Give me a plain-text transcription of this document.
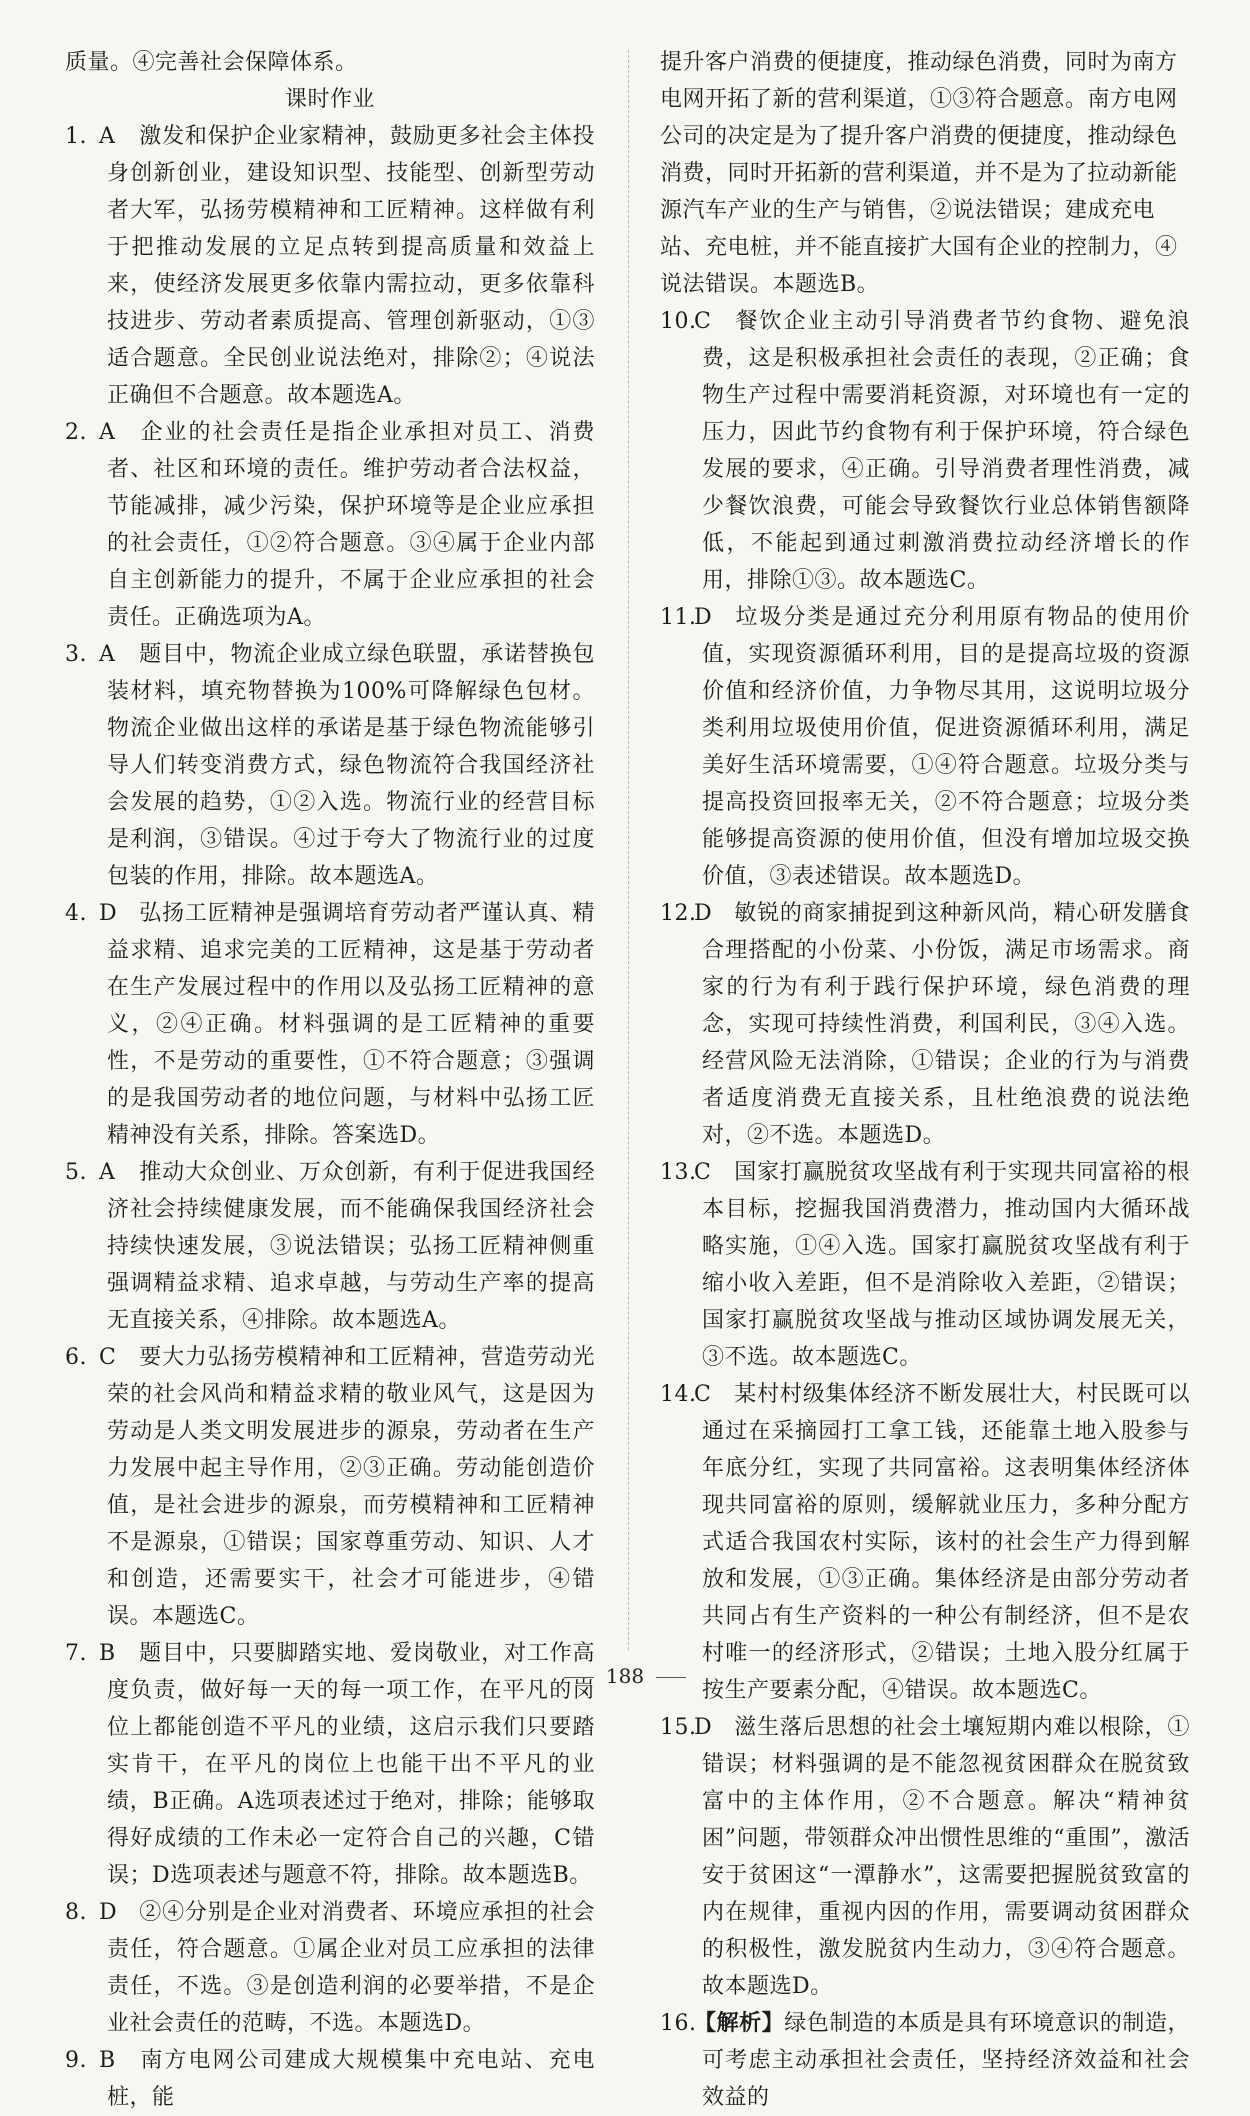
质量。④完善社会保障体系。

课时作业

1. A 激发和保护企业家精神，鼓励更多社会主体投身创新创业，建设知识型、技能型、创新型劳动者大军，弘扬劳模精神和工匠精神。这样做有利于把推动发展的立足点转到提高质量和效益上来，使经济发展更多依靠内需拉动，更多依靠科技进步、劳动者素质提高、管理创新驱动，①③适合题意。全民创业说法绝对，排除②；④说法正确但不合题意。故本题选A。

2. A 企业的社会责任是指企业承担对员工、消费者、社区和环境的责任。维护劳动者合法权益，节能减排，减少污染，保护环境等是企业应承担的社会责任，①②符合题意。③④属于企业内部自主创新能力的提升，不属于企业应承担的社会责任。正确选项为A。

3. A 题目中，物流企业成立绿色联盟，承诺替换包装材料，填充物替换为100%可降解绿色包材。物流企业做出这样的承诺是基于绿色物流能够引导人们转变消费方式，绿色物流符合我国经济社会发展的趋势，①②入选。物流行业的经营目标是利润，③错误。④过于夸大了物流行业的过度包装的作用，排除。故本题选A。

4. D 弘扬工匠精神是强调培育劳动者严谨认真、精益求精、追求完美的工匠精神，这是基于劳动者在生产发展过程中的作用以及弘扬工匠精神的意义，②④正确。材料强调的是工匠精神的重要性，不是劳动的重要性，①不符合题意；③强调的是我国劳动者的地位问题，与材料中弘扬工匠精神没有关系，排除。答案选D。

5. A 推动大众创业、万众创新，有利于促进我国经济社会持续健康发展，而不能确保我国经济社会持续快速发展，③说法错误；弘扬工匠精神侧重强调精益求精、追求卓越，与劳动生产率的提高无直接关系，④排除。故本题选A。

6. C 要大力弘扬劳模精神和工匠精神，营造劳动光荣的社会风尚和精益求精的敬业风气，这是因为劳动是人类文明发展进步的源泉，劳动者在生产力发展中起主导作用，②③正确。劳动能创造价值，是社会进步的源泉，而劳模精神和工匠精神不是源泉，①错误；国家尊重劳动、知识、人才和创造，还需要实干，社会才可能进步，④错误。本题选C。

7. B 题目中，只要脚踏实地、爱岗敬业，对工作高度负责，做好每一天的每一项工作，在平凡的岗位上都能创造不平凡的业绩，这启示我们只要踏实肯干，在平凡的岗位上也能干出不平凡的业绩，B正确。A选项表述过于绝对，排除；能够取得好成绩的工作未必一定符合自己的兴趣，C错误；D选项表述与题意不符，排除。故本题选B。

8. D ②④分别是企业对消费者、环境应承担的社会责任，符合题意。①属企业对员工应承担的法律责任，不选。③是创造利润的必要举措，不是企业社会责任的范畴，不选。本题选D。

9. B 南方电网公司建成大规模集中充电站、充电桩，能

提升客户消费的便捷度，推动绿色消费，同时为南方电网开拓了新的营利渠道，①③符合题意。南方电网公司的决定是为了提升客户消费的便捷度，推动绿色消费，同时开拓新的营利渠道，并不是为了拉动新能源汽车产业的生产与销售，②说法错误；建成充电站、充电桩，并不能直接扩大国有企业的控制力，④说法错误。本题选B。

10.C 餐饮企业主动引导消费者节约食物、避免浪费，这是积极承担社会责任的表现，②正确；食物生产过程中需要消耗资源，对环境也有一定的压力，因此节约食物有利于保护环境，符合绿色发展的要求，④正确。引导消费者理性消费，减少餐饮浪费，可能会导致餐饮行业总体销售额降低，不能起到通过刺激消费拉动经济增长的作用，排除①③。故本题选C。

11.D 垃圾分类是通过充分利用原有物品的使用价值，实现资源循环利用，目的是提高垃圾的资源价值和经济价值，力争物尽其用，这说明垃圾分类利用垃圾使用价值，促进资源循环利用，满足美好生活环境需要，①④符合题意。垃圾分类与提高投资回报率无关，②不符合题意；垃圾分类能够提高资源的使用价值，但没有增加垃圾交换价值，③表述错误。故本题选D。

12.D 敏锐的商家捕捉到这种新风尚，精心研发膳食合理搭配的小份菜、小份饭，满足市场需求。商家的行为有利于践行保护环境，绿色消费的理念，实现可持续性消费，利国利民，③④入选。经营风险无法消除，①错误；企业的行为与消费者适度消费无直接关系，且杜绝浪费的说法绝对，②不选。本题选D。

13.C 国家打赢脱贫攻坚战有利于实现共同富裕的根本目标，挖掘我国消费潜力，推动国内大循环战略实施，①④入选。国家打赢脱贫攻坚战有利于缩小收入差距，但不是消除收入差距，②错误；国家打赢脱贫攻坚战与推动区域协调发展无关，③不选。故本题选C。

14.C 某村村级集体经济不断发展壮大，村民既可以通过在采摘园打工拿工钱，还能靠土地入股参与年底分红，实现了共同富裕。这表明集体经济体现共同富裕的原则，缓解就业压力，多种分配方式适合我国农村实际，该村的社会生产力得到解放和发展，①③正确。集体经济是由部分劳动者共同占有生产资料的一种公有制经济，但不是农村唯一的经济形式，②错误；土地入股分红属于按生产要素分配，④错误。故本题选C。

15.D 滋生落后思想的社会土壤短期内难以根除，①错误；材料强调的是不能忽视贫困群众在脱贫致富中的主体作用，②不合题意。解决“精神贫困”问题，带领群众冲出惯性思维的“重围”，激活安于贫困这“一潭静水”，这需要把握脱贫致富的内在规律，重视内因的作用，需要调动贫困群众的积极性，激发脱贫内生动力，③④符合题意。故本题选D。

16.【解析】绿色制造的本质是具有环境意识的制造，可考虑主动承担社会责任，坚持经济效益和社会效益的

188
